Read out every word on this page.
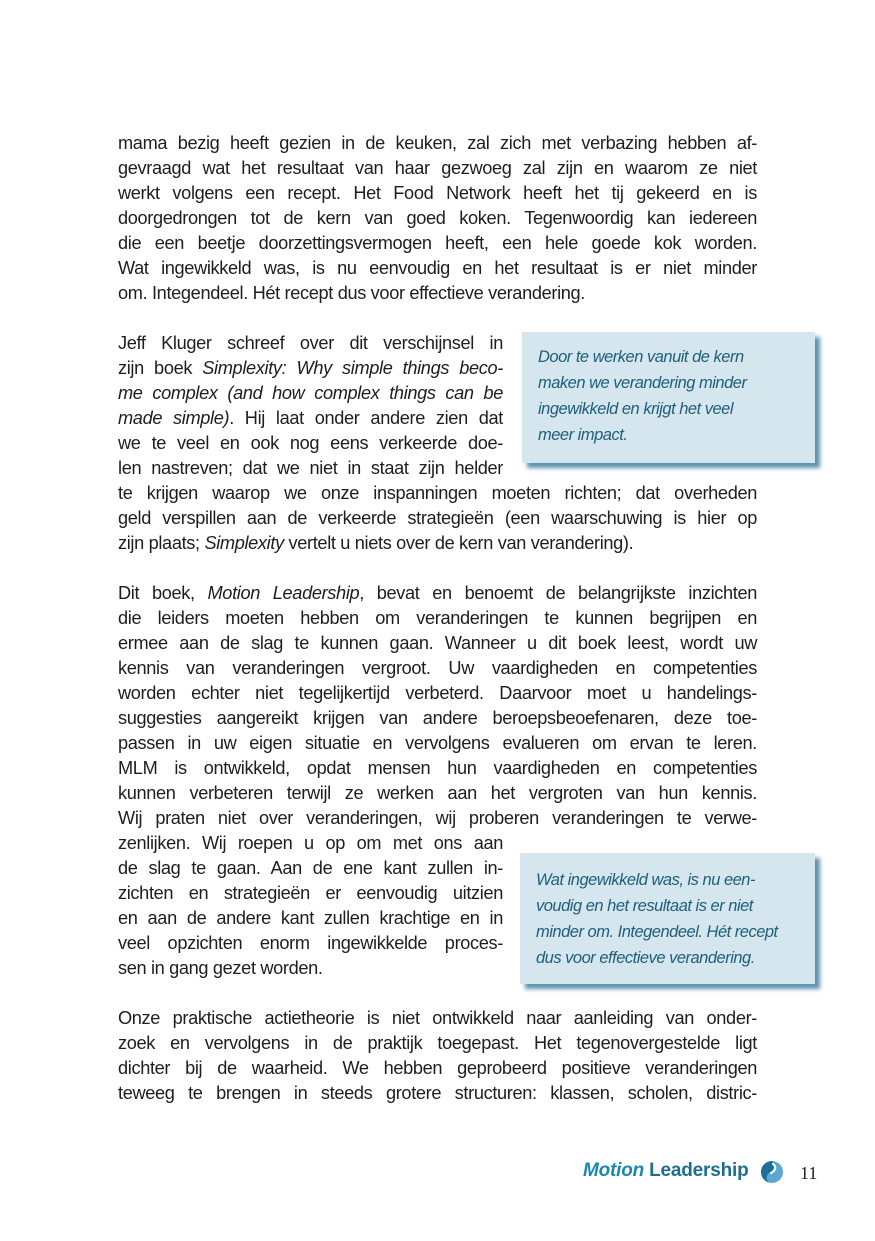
mama bezig heeft gezien in de keuken, zal zich met verbazing hebben af-
gevraagd wat het resultaat van haar gezwoeg zal zijn en waarom ze niet
werkt volgens een recept. Het Food Network heeft het tij gekeerd en is
doorgedrongen tot de kern van goed koken. Tegenwoordig kan iedereen
die een beetje doorzettingsvermogen heeft, een hele goede kok worden.
Wat ingewikkeld was, is nu eenvoudig en het resultaat is er niet minder
om. Integendeel. Hét recept dus voor effectieve verandering.
Jeff Kluger schreef over dit verschijnsel in
zijn boek Simplexity: Why simple things beco-
me complex (and how complex things can be
made simple). Hij laat onder andere zien dat
we te veel en ook nog eens verkeerde doe-
len nastreven; dat we niet in staat zijn helder
te krijgen waarop we onze inspanningen moeten richten; dat overheden
geld verspillen aan de verkeerde strategieën (een waarschuwing is hier op
zijn plaats; Simplexity vertelt u niets over de kern van verandering).
Door te werken vanuit de kern
maken we verandering minder
ingewikkeld en krijgt het veel
meer impact.
Dit boek, Motion Leadership, bevat en benoemt de belangrijkste inzichten
die leiders moeten hebben om veranderingen te kunnen begrijpen en
ermee aan de slag te kunnen gaan. Wanneer u dit boek leest, wordt uw
kennis van veranderingen vergroot. Uw vaardigheden en competenties
worden echter niet tegelijkertijd verbeterd. Daarvoor moet u handelings-
suggesties aangereikt krijgen van andere beroepsbeoefenaren, deze toe-
passen in uw eigen situatie en vervolgens evalueren om ervan te leren.
MLM is ontwikkeld, opdat mensen hun vaardigheden en competenties
kunnen verbeteren terwijl ze werken aan het vergroten van hun kennis.
Wij praten niet over veranderingen, wij proberen veranderingen te verwe-
zenlijken. Wij roepen u op om met ons aan
de slag te gaan. Aan de ene kant zullen in-
zichten en strategieën er eenvoudig uitzien
en aan de andere kant zullen krachtige en in
veel opzichten enorm ingewikkelde proces-
sen in gang gezet worden.
Wat ingewikkeld was, is nu een-
voudig en het resultaat is er niet
minder om. Integendeel. Hét recept
dus voor effectieve verandering.
Onze praktische actietheorie is niet ontwikkeld naar aanleiding van onder-
zoek en vervolgens in de praktijk toegepast. Het tegenovergestelde ligt
dichter bij de waarheid. We hebben geprobeerd positieve veranderingen
teweeg te brengen in steeds grotere structuren: klassen, scholen, distric-
Motion Leadership	11
